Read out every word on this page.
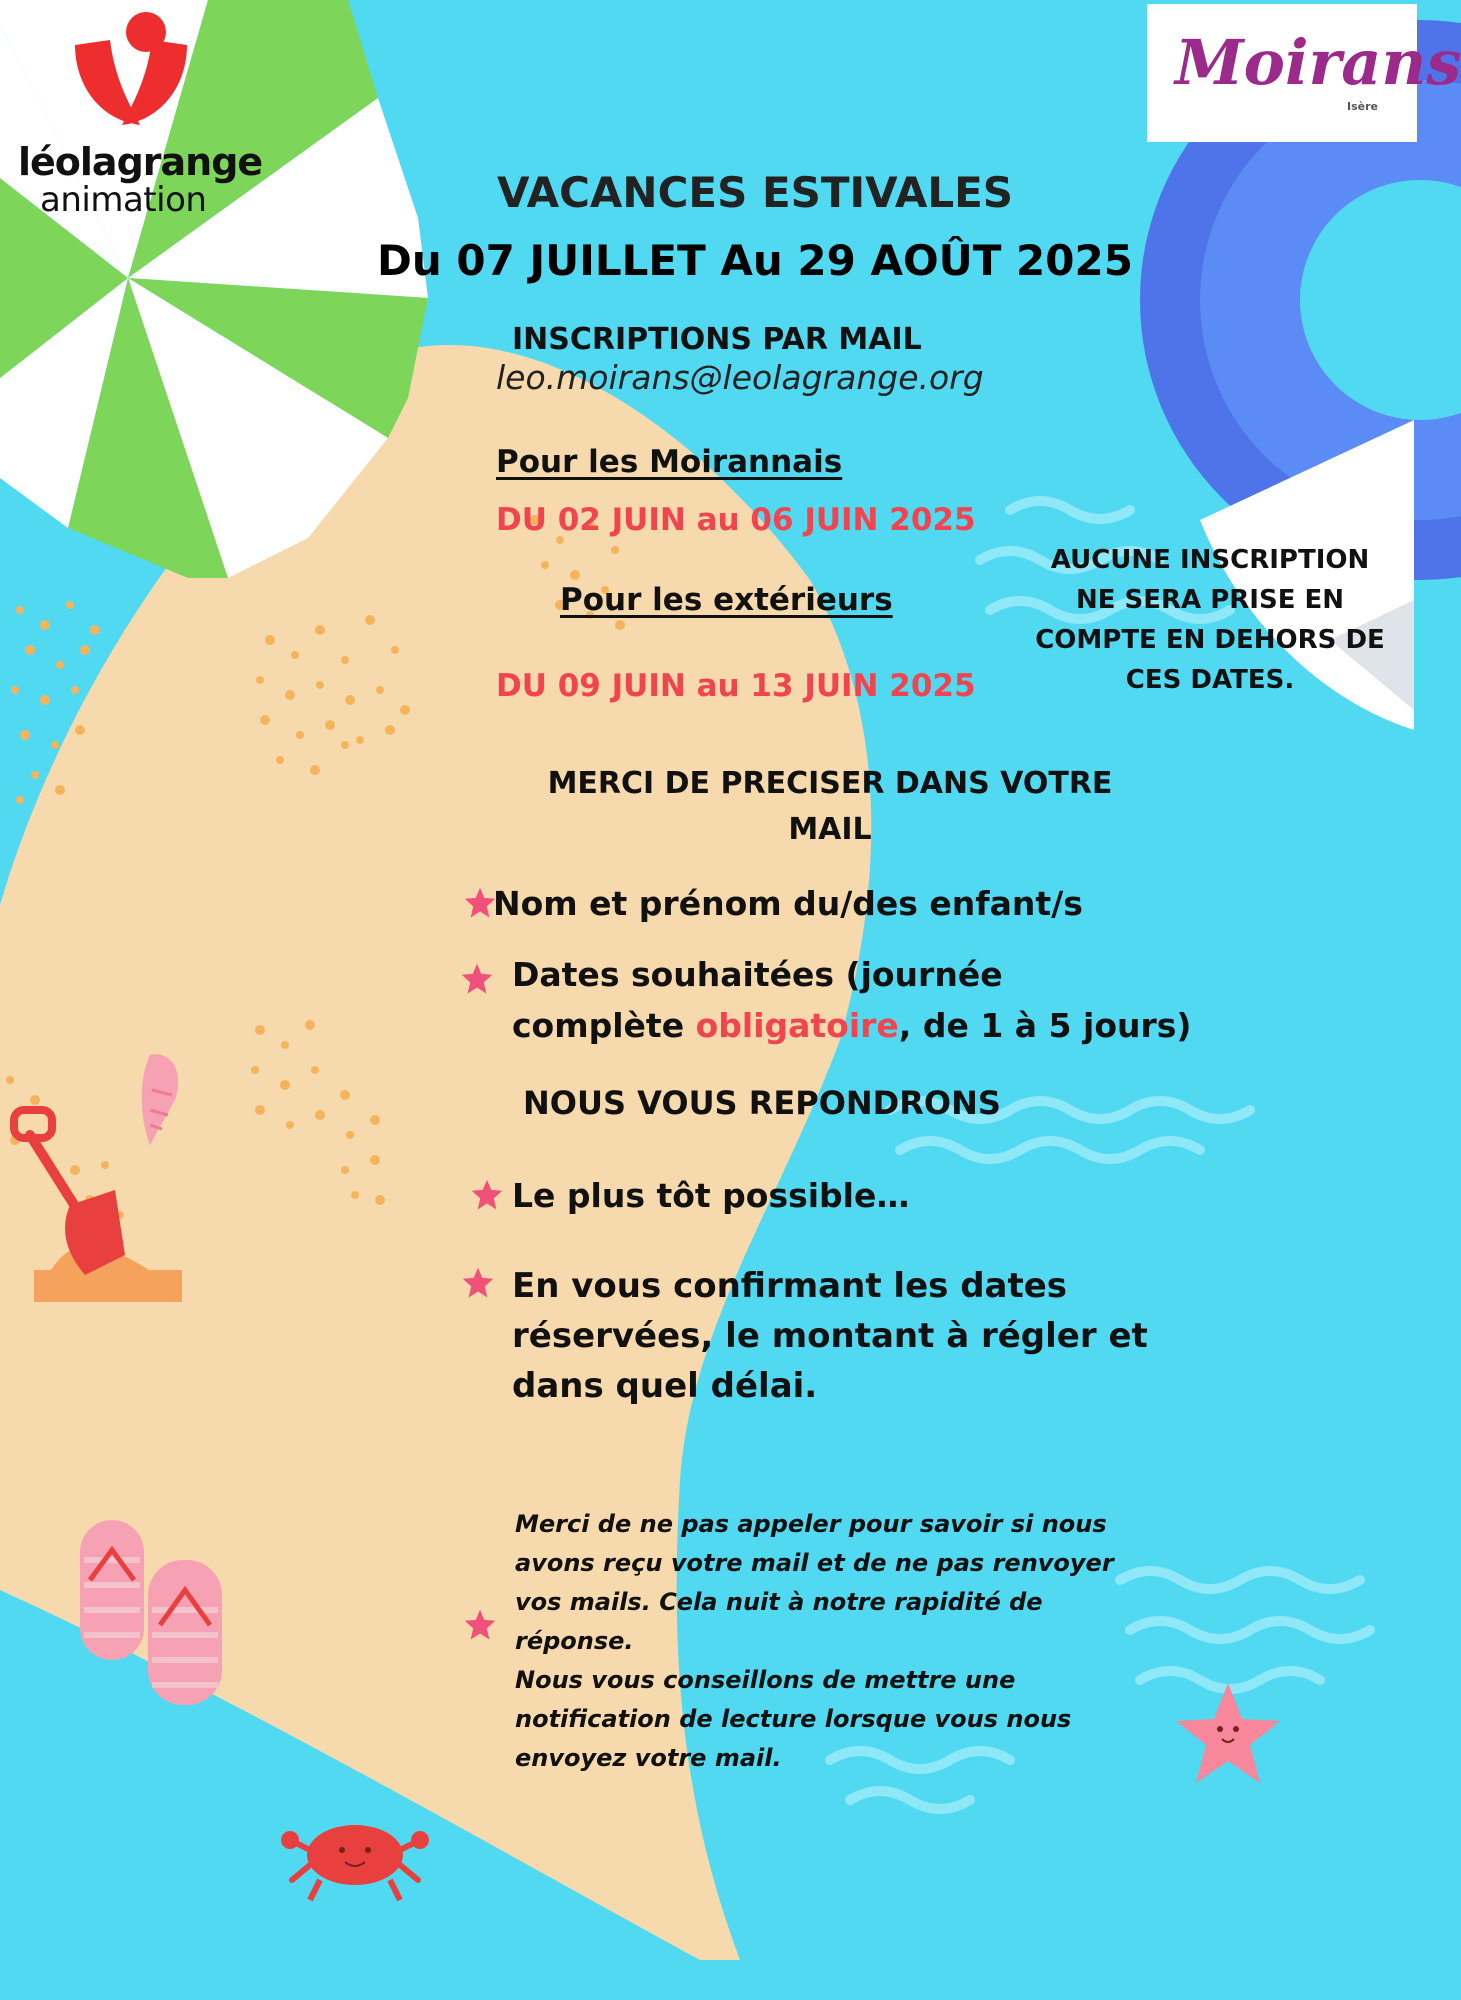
léolagrange
animation
Moirans
Isère
VACANCES ESTIVALES
Du 07 JUILLET Au 29 AOÛT 2025
INSCRIPTIONS PAR MAIL
leo.moirans@leolagrange.org
Pour les Moirannais
DU 02 JUIN au 06 JUIN 2025
Pour les extérieurs
DU 09 JUIN au 13 JUIN 2025
AUCUNE INSCRIPTION
NE SERA PRISE EN
COMPTE EN DEHORS DE
CES DATES.
MERCI DE PRECISER DANS VOTRE
MAIL
Nom et prénom du/des enfant/s
Dates souhaitées (journée
complète obligatoire, de 1 à 5 jours)
NOUS VOUS REPONDRONS
Le plus tôt possible…
En vous confirmant les dates
réservées, le montant à régler et
dans quel délai.
Merci de ne pas appeler pour savoir si nous
avons reçu votre mail et de ne pas renvoyer
vos mails. Cela nuit à notre rapidité de
réponse.
Nous vous conseillons de mettre une
notification de lecture lorsque vous nous
envoyez votre mail.
